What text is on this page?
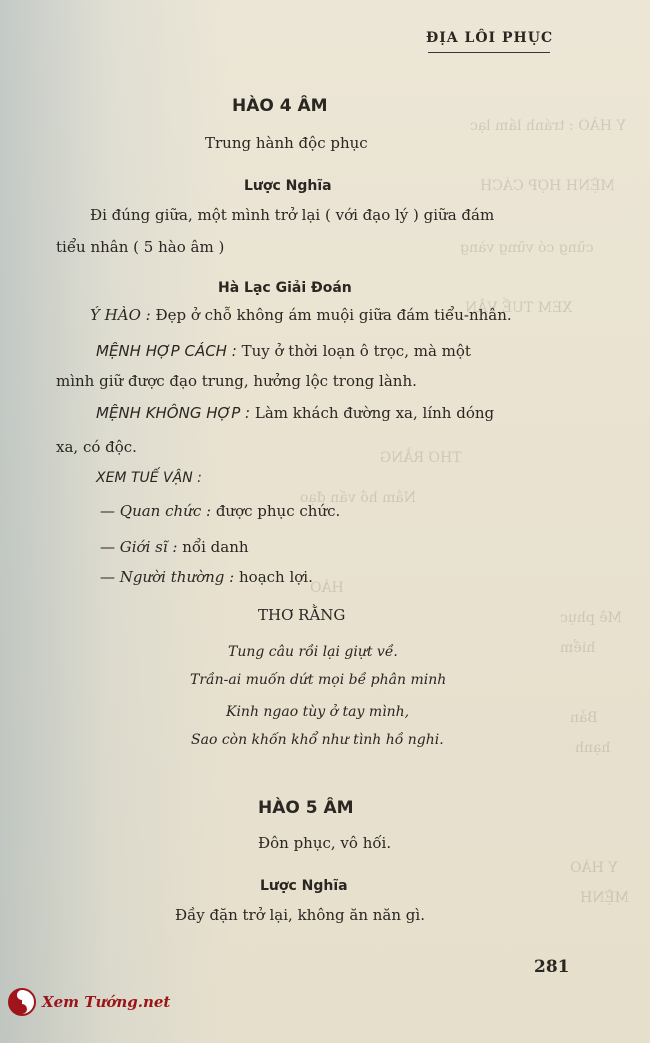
Y HÀO : tránh lầm lạc
MỆNH HỢP CÁCH
cũng có vững vàng
XEM TUẾ VẬN
THƠ RẰNG
Nắm hồ vấn đạo
HÀO
Mê phục
hiểm
Bản
hạnh
Y HÀO
MỆNH
ĐỊA LÔI PHỤC
HÀO 4 ÂM
Trung hành độc phục
Lược Nghĩa
Đi đúng giữa, một mình trở lại ( với đạo lý ) giữa đám
tiểu nhân ( 5 hào âm )
Hà Lạc Giải Đoán
Ý HÀO : Đẹp ở chỗ không ám muội giữa đám tiểu-nhân.
MỆNH HỢP CÁCH : Tuy ở thời loạn ô trọc, mà một
mình giữ được đạo trung, hưởng lộc trong lành.
MỆNH KHÔNG HỢP : Làm khách đường xa, lính dóng
xa, có độc.
XEM TUẾ VẬN :
— Quan chức : được phục chức.
— Giới sĩ : nổi danh
— Người thường : hoạch lợi.
THƠ RẰNG
Tung câu rồi lại giựt về.
Trần-ai muốn dứt mọi bề phân minh
Kinh ngao tùy ở tay mình,
Sao còn khốn khổ như tình hồ nghi.
HÀO 5 ÂM
Đôn phục, vô hối.
Lược Nghĩa
Đầy đặn trở lại, không ăn năn gì.
281
Xem Tướng.net
